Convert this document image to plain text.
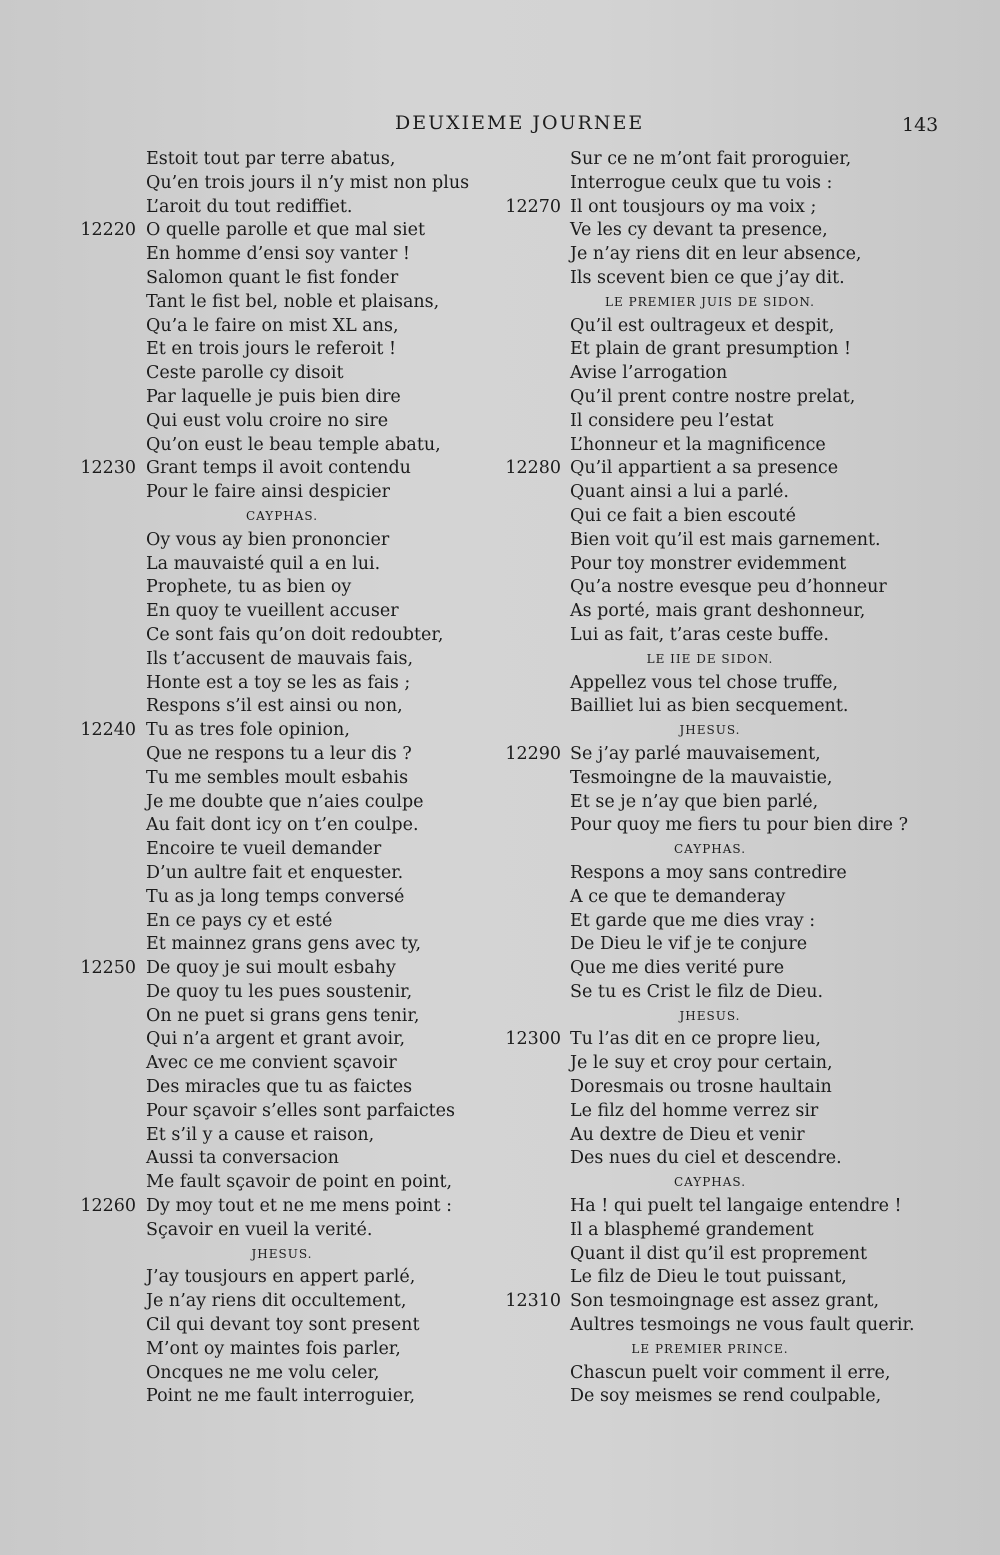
DEUXIEME JOURNEE	143
Estoit tout par terre abatus,
Qu’en trois jours il n’y mist non plus
L’aroit du tout rediffiet.
12220 O quelle parolle et que mal siet
En homme d’ensi soy vanter !
Salomon quant le fist fonder
Tant le fist bel, noble et plaisans,
Qu’a le faire on mist XL ans,
Et en trois jours le referoit !
Ceste parolle cy disoit
Par laquelle je puis bien dire
Qui eust volu croire no sire
Qu’on eust le beau temple abatu,
12230 Grant temps il avoit contendu
Pour le faire ainsi despicier
CAYPHAS.
Oy vous ay bien prononcier
La mauvaisté quil a en lui.
Prophete, tu as bien oy
En quoy te vueillent accuser
Ce sont fais qu’on doit redoubter,
Ils t’accusent de mauvais fais,
Honte est a toy se les as fais ;
Respons s’il est ainsi ou non,
12240 Tu as tres fole opinion,
Que ne respons tu a leur dis ?
Tu me sembles moult esbahis
Je me doubte que n’aies coulpe
Au fait dont icy on t’en coulpe.
Encoire te vueil demander
D’un aultre fait et enquester.
Tu as ja long temps conversé
En ce pays cy et esté
Et mainnez grans gens avec ty,
12250 De quoy je sui moult esbahy
De quoy tu les pues soustenir,
On ne puet si grans gens tenir,
Qui n’a argent et grant avoir,
Avec ce me convient sçavoir
Des miracles que tu as faictes
Pour sçavoir s’elles sont parfaictes
Et s’il y a cause et raison,
Aussi ta conversacion
Me fault sçavoir de point en point,
12260 Dy moy tout et ne me mens point :
Sçavoir en vueil la verité.
JHESUS.
J’ay tousjours en appert parlé,
Je n’ay riens dit occultement,
Cil qui devant toy sont present
M’ont oy maintes fois parler,
Oncques ne me volu celer,
Point ne me fault interroguier,
Sur ce ne m’ont fait proroguier,
Interrogue ceulx que tu vois :
12270 Il ont tousjours oy ma voix ;
Ve les cy devant ta presence,
Je n’ay riens dit en leur absence,
Ils scevent bien ce que j’ay dit.
LE PREMIER JUIS DE SIDON.
Qu’il est oultrageux et despit,
Et plain de grant presumption !
Avise l’arrogation
Qu’il prent contre nostre prelat,
Il considere peu l’estat
L’honneur et la magnificence
12280 Qu’il appartient a sa presence
Quant ainsi a lui a parlé.
Qui ce fait a bien escouté
Bien voit qu’il est mais garnement.
Pour toy monstrer evidemment
Qu’a nostre evesque peu d’honneur
As porté, mais grant deshonneur,
Lui as fait, t’aras ceste buffe.
LE IIE DE SIDON.
Appellez vous tel chose truffe,
Bailliet lui as bien secquement.
JHESUS.
12290 Se j’ay parlé mauvaisement,
Tesmoingne de la mauvaistie,
Et se je n’ay que bien parlé,
Pour quoy me fiers tu pour bien dire ?
CAYPHAS.
Respons a moy sans contredire
A ce que te demanderay
Et garde que me dies vray :
De Dieu le vif je te conjure
Que me dies verité pure
Se tu es Crist le filz de Dieu.
JHESUS.
12300 Tu l’as dit en ce propre lieu,
Je le suy et croy pour certain,
Doresmais ou trosne haultain
Le filz del homme verrez sir
Au dextre de Dieu et venir
Des nues du ciel et descendre.
CAYPHAS.
Ha ! qui puelt tel langaige entendre !
Il a blasphemé grandement
Quant il dist qu’il est proprement
Le filz de Dieu le tout puissant,
12310 Son tesmoingnage est assez grant,
Aultres tesmoings ne vous fault querir.
LE PREMIER PRINCE.
Chascun puelt voir comment il erre,
De soy meismes se rend coulpable,
